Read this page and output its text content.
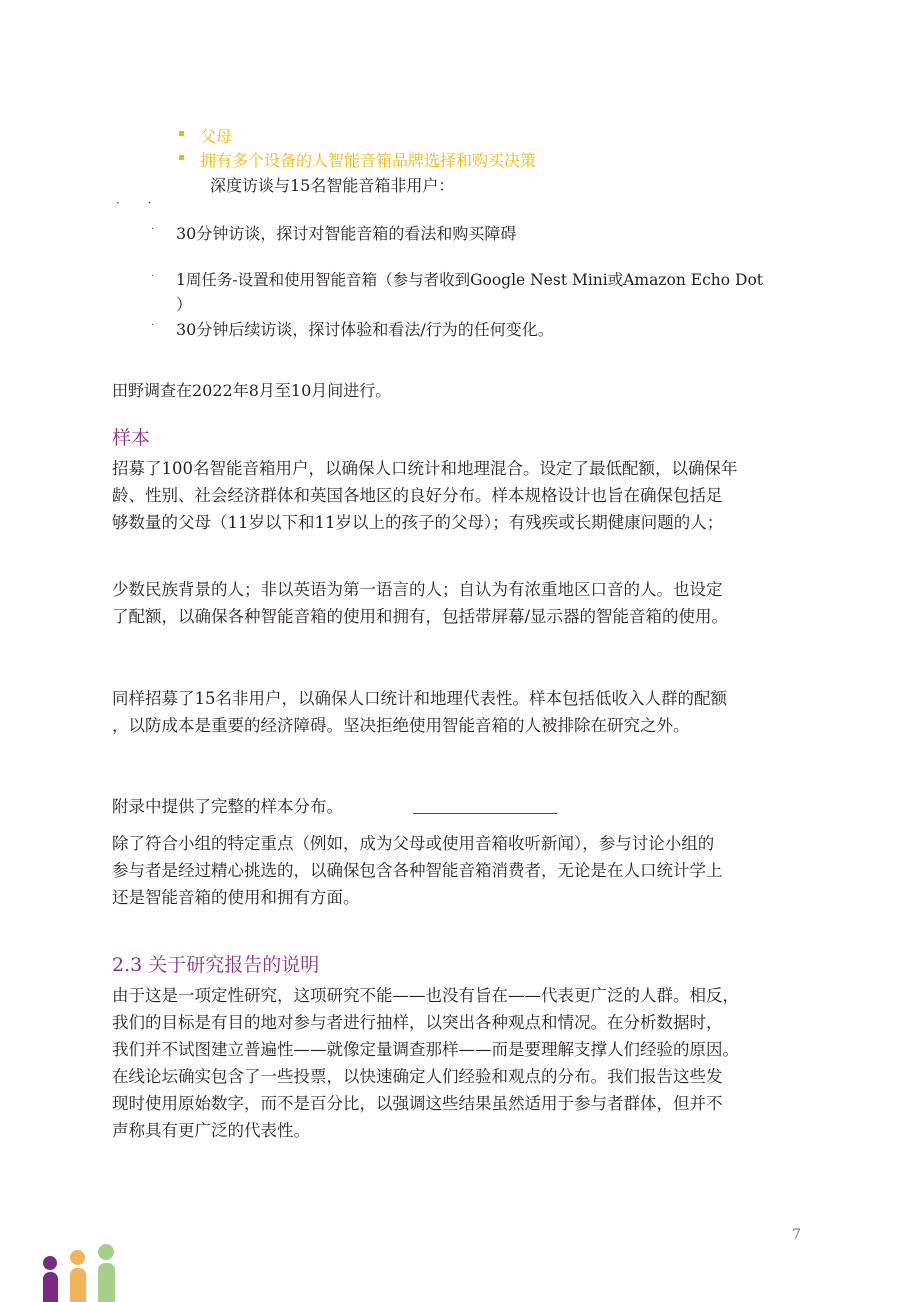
父母
拥有多个设备的人智能音箱品牌选择和购买决策
深度访谈与15名智能音箱非用户：
· ·
· 30分钟访谈，探讨对智能音箱的看法和购买障碍
· 1周任务-设置和使用智能音箱（参与者收到Google Nest Mini或Amazon Echo Dot
）
· 30分钟后续访谈，探讨体验和看法/行为的任何变化。
田野调查在2022年8月至10月间进行。
样本
招募了100名智能音箱用户，以确保人口统计和地理混合。设定了最低配额，以确保年
龄、性别、社会经济群体和英国各地区的良好分布。样本规格设计也旨在确保包括足
够数量的父母（11岁以下和11岁以上的孩子的父母）；有残疾或长期健康问题的人；
少数民族背景的人；非以英语为第一语言的人；自认为有浓重地区口音的人。也设定
了配额，以确保各种智能音箱的使用和拥有，包括带屏幕/显示器的智能音箱的使用。
同样招募了15名非用户，以确保人口统计和地理代表性。样本包括低收入人群的配额
，以防成本是重要的经济障碍。坚决拒绝使用智能音箱的人被排除在研究之外。
附录中提供了完整的样本分布。
除了符合小组的特定重点（例如，成为父母或使用音箱收听新闻），参与讨论小组的
参与者是经过精心挑选的，以确保包含各种智能音箱消费者，无论是在人口统计学上
还是智能音箱的使用和拥有方面。
2.3 关于研究报告的说明
由于这是一项定性研究，这项研究不能——也没有旨在——代表更广泛的人群。相反，
我们的目标是有目的地对参与者进行抽样，以突出各种观点和情况。在分析数据时，
我们并不试图建立普遍性——就像定量调查那样——而是要理解支撑人们经验的原因。
在线论坛确实包含了一些投票，以快速确定人们经验和观点的分布。我们报告这些发
现时使用原始数字，而不是百分比，以强调这些结果虽然适用于参与者群体，但并不
声称具有更广泛的代表性。
7
